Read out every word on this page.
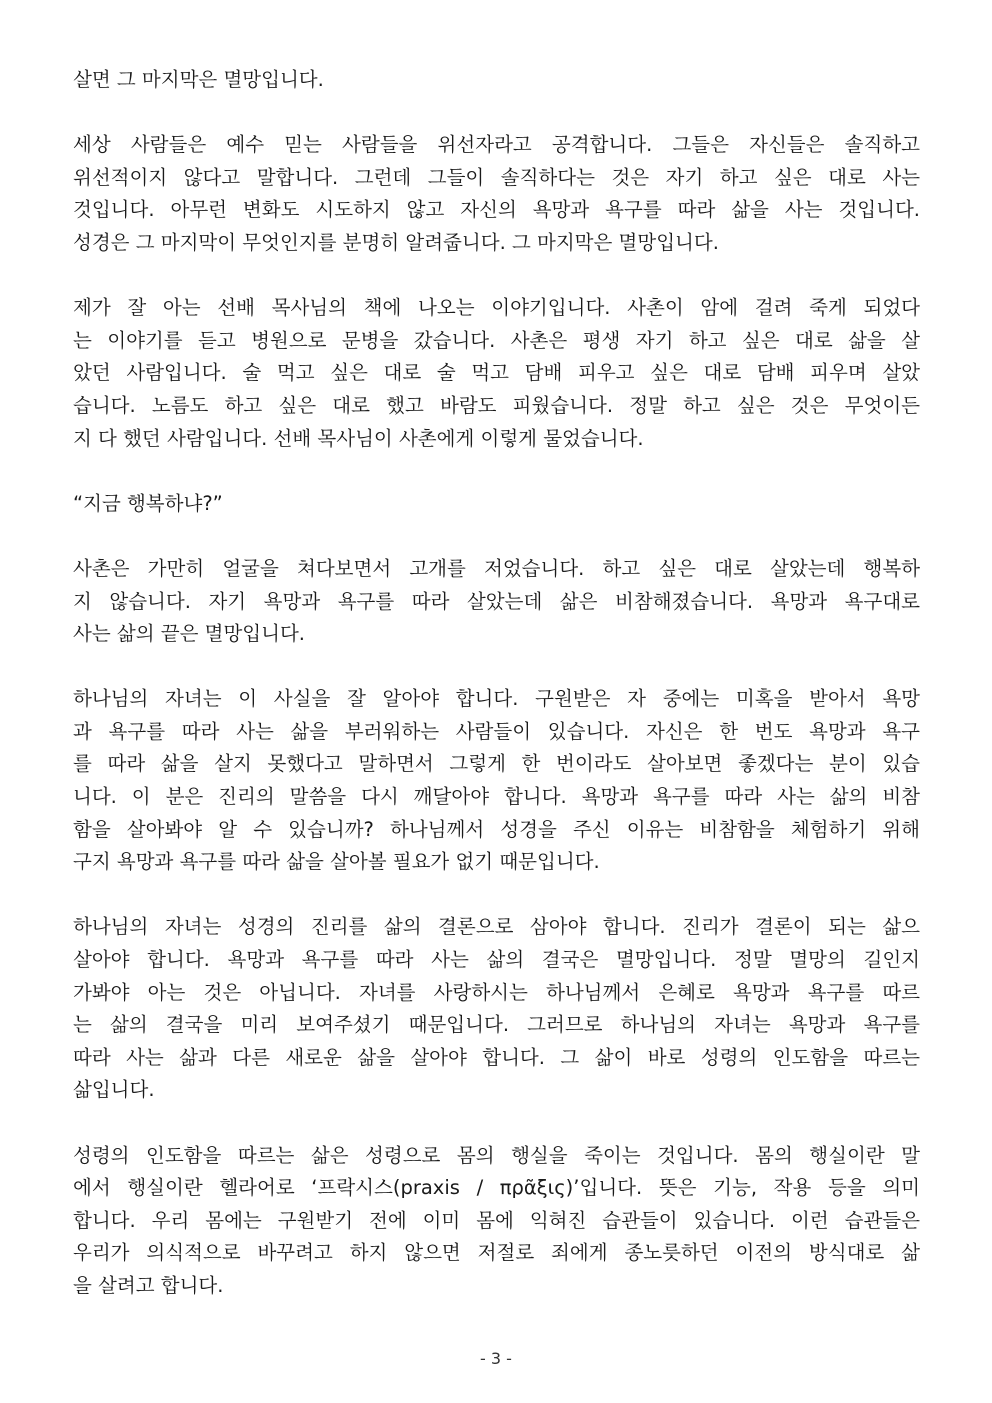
살면 그 마지막은 멸망입니다.
세상 사람들은 예수 믿는 사람들을 위선자라고 공격합니다. 그들은 자신들은 솔직하고
위선적이지 않다고 말합니다. 그런데 그들이 솔직하다는 것은 자기 하고 싶은 대로 사는
것입니다. 아무런 변화도 시도하지 않고 자신의 욕망과 욕구를 따라 삶을 사는 것입니다.
성경은 그 마지막이 무엇인지를 분명히 알려줍니다. 그 마지막은 멸망입니다.
제가 잘 아는 선배 목사님의 책에 나오는 이야기입니다. 사촌이 암에 걸려 죽게 되었다
는 이야기를 듣고 병원으로 문병을 갔습니다. 사촌은 평생 자기 하고 싶은 대로 삶을 살
았던 사람입니다. 술 먹고 싶은 대로 술 먹고 담배 피우고 싶은 대로 담배 피우며 살았
습니다. 노름도 하고 싶은 대로 했고 바람도 피웠습니다. 정말 하고 싶은 것은 무엇이든
지 다 했던 사람입니다. 선배 목사님이 사촌에게 이렇게 물었습니다.
“지금 행복하냐?”
사촌은 가만히 얼굴을 쳐다보면서 고개를 저었습니다. 하고 싶은 대로 살았는데 행복하
지 않습니다. 자기 욕망과 욕구를 따라 살았는데 삶은 비참해졌습니다. 욕망과 욕구대로
사는 삶의 끝은 멸망입니다.
하나님의 자녀는 이 사실을 잘 알아야 합니다. 구원받은 자 중에는 미혹을 받아서 욕망
과 욕구를 따라 사는 삶을 부러워하는 사람들이 있습니다. 자신은 한 번도 욕망과 욕구
를 따라 삶을 살지 못했다고 말하면서 그렇게 한 번이라도 살아보면 좋겠다는 분이 있습
니다. 이 분은 진리의 말씀을 다시 깨달아야 합니다. 욕망과 욕구를 따라 사는 삶의 비참
함을 살아봐야 알 수 있습니까? 하나님께서 성경을 주신 이유는 비참함을 체험하기 위해
구지 욕망과 욕구를 따라 삶을 살아볼 필요가 없기 때문입니다.
하나님의 자녀는 성경의 진리를 삶의 결론으로 삼아야 합니다. 진리가 결론이 되는 삶으
살아야 합니다. 욕망과 욕구를 따라 사는 삶의 결국은 멸망입니다. 정말 멸망의 길인지
가봐야 아는 것은 아닙니다. 자녀를 사랑하시는 하나님께서 은혜로 욕망과 욕구를 따르
는 삶의 결국을 미리 보여주셨기 때문입니다. 그러므로 하나님의 자녀는 욕망과 욕구를
따라 사는 삶과 다른 새로운 삶을 살아야 합니다. 그 삶이 바로 성령의 인도함을 따르는
삶입니다.
성령의 인도함을 따르는 삶은 성령으로 몸의 행실을 죽이는 것입니다. 몸의 행실이란 말
에서 행실이란 헬라어로 ‘프락시스(praxis / πρᾶξις)’입니다. 뜻은 기능, 작용 등을 의미
합니다. 우리 몸에는 구원받기 전에 이미 몸에 익혀진 습관들이 있습니다. 이런 습관들은
우리가 의식적으로 바꾸려고 하지 않으면 저절로 죄에게 종노릇하던 이전의 방식대로 삶
을 살려고 합니다.
- 3 -
